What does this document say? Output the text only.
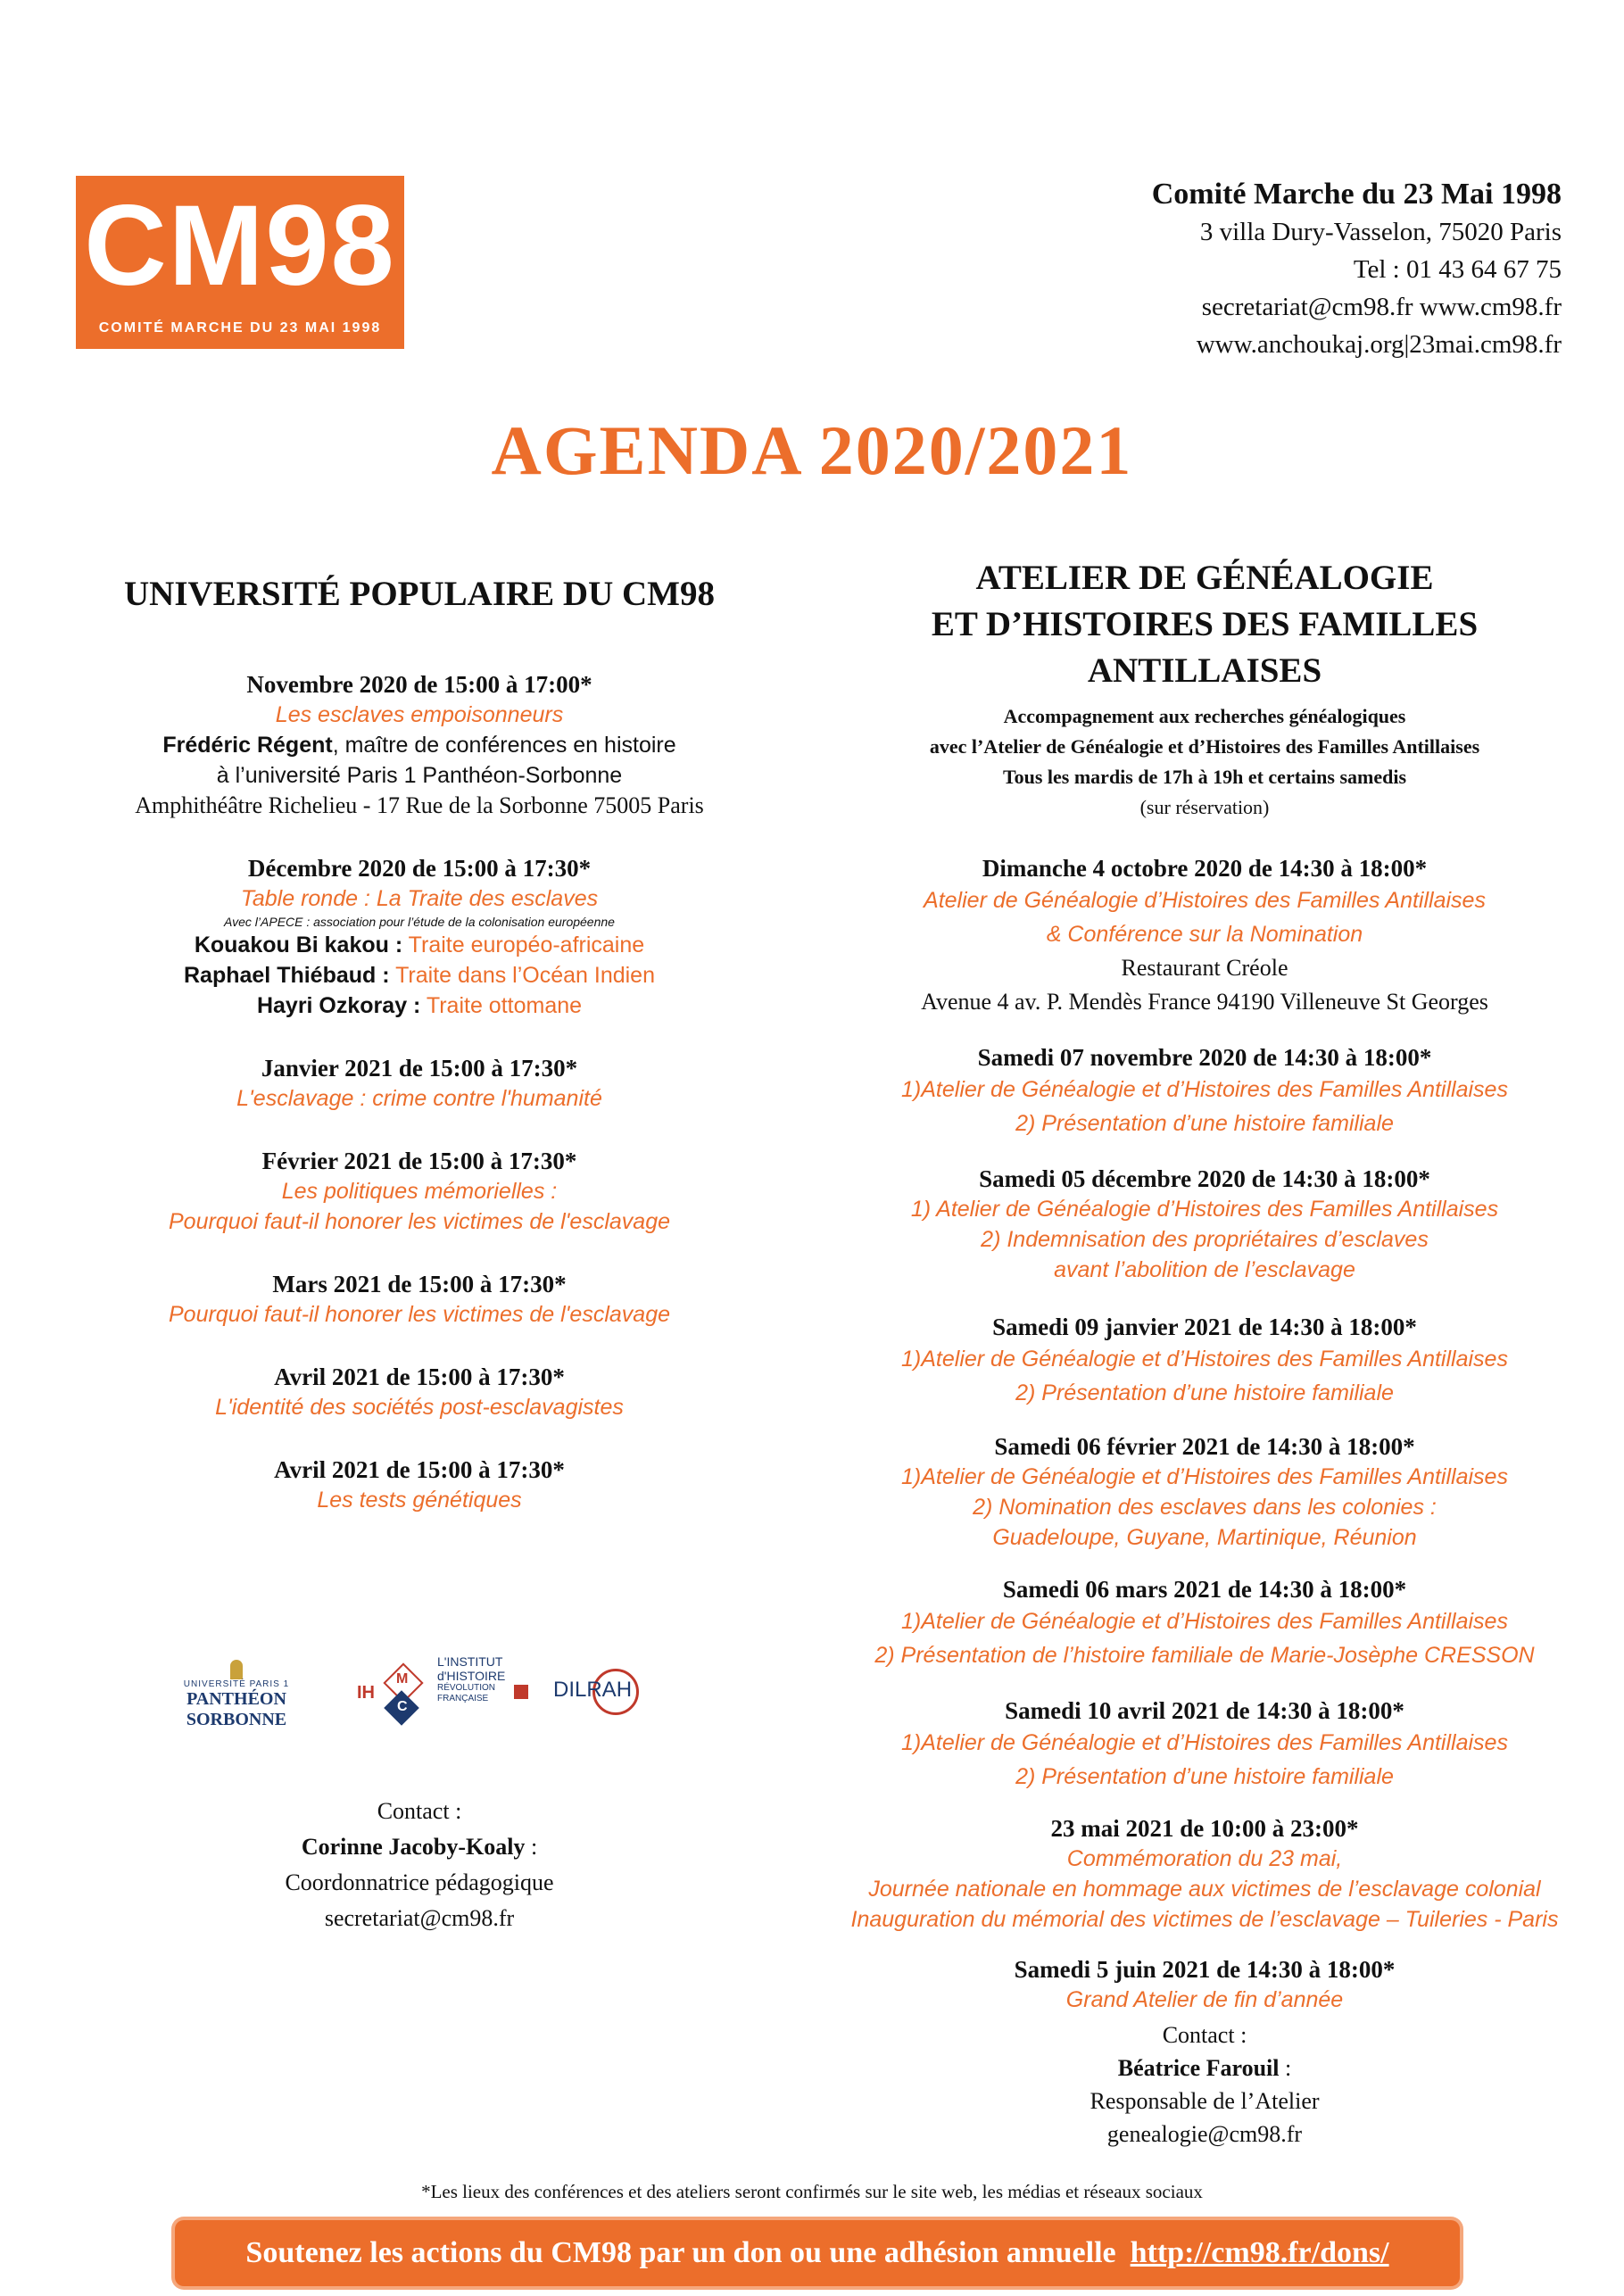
CM98
COMITÉ MARCHE DU 23 MAI 1998
Comité Marche du 23 Mai 1998
3 villa Dury-Vasselon, 75020 Paris
Tel : 01 43 64 67 75
secretariat@cm98.fr www.cm98.fr
www.anchoukaj.org|23mai.cm98.fr
AGENDA 2020/2021
UNIVERSITÉ POPULAIRE DU CM98
Novembre 2020 de 15:00 à 17:00*
Les esclaves empoisonneurs
Frédéric Régent, maître de conférences en histoire
à l’université Paris 1 Panthéon-Sorbonne
Amphithéâtre Richelieu - 17 Rue de la Sorbonne 75005 Paris
Décembre 2020 de 15:00 à 17:30*
Table ronde : La Traite des esclaves
Avec l’APECE : association pour l’étude de la colonisation européenne
Kouakou Bi kakou : Traite européo-africaine
Raphael Thiébaud : Traite dans l’Océan Indien
Hayri Ozkoray : Traite ottomane
Janvier 2021 de 15:00 à 17:30*
L'esclavage : crime contre l'humanité
Février 2021 de 15:00 à 17:30*
Les politiques mémorielles :
Pourquoi faut-il honorer les victimes de l'esclavage
Mars 2021 de 15:00 à 17:30*
Pourquoi faut-il honorer les victimes de l'esclavage
Avril 2021 de 15:00 à 17:30*
L'identité des sociétés post-esclavagistes
Avril 2021 de 15:00 à 17:30*
Les tests génétiques
UNIVERSITÉ PARIS 1
PANTHÉON SORBONNE
IH
M
C
L'INSTITUT
d'HISTOIRE
RÉVOLUTION
FRANÇAISE	DILRAH
Contact :
Corinne Jacoby-Koaly :
Coordonnatrice pédagogique
secretariat@cm98.fr
ATELIER DE GÉNÉALOGIE
ET D’HISTOIRES DES FAMILLES ANTILLAISES
Accompagnement aux recherches généalogiques
avec l’Atelier de Généalogie et d’Histoires des Familles Antillaises
Tous les mardis de 17h à 19h et certains samedis
(sur réservation)
Dimanche 4 octobre 2020 de 14:30 à 18:00*
Atelier de Généalogie d’Histoires des Familles Antillaises
& Conférence sur la Nomination
Restaurant Créole
Avenue 4 av. P. Mendès France 94190 Villeneuve St Georges
Samedi 07 novembre 2020 de 14:30 à 18:00*
1)Atelier de Généalogie et d’Histoires des Familles Antillaises
2) Présentation d’une histoire familiale
Samedi 05 décembre 2020 de 14:30 à 18:00*
1) Atelier de Généalogie d’Histoires des Familles Antillaises
2) Indemnisation des propriétaires d’esclaves
avant l’abolition de l’esclavage
Samedi 09 janvier 2021 de 14:30 à 18:00*
1)Atelier de Généalogie et d’Histoires des Familles Antillaises
2) Présentation d’une histoire familiale
Samedi 06 février 2021 de 14:30 à 18:00*
1)Atelier de Généalogie et d’Histoires des Familles Antillaises
2) Nomination des esclaves dans les colonies :
Guadeloupe, Guyane, Martinique, Réunion
Samedi 06 mars 2021 de 14:30 à 18:00*
1)Atelier de Généalogie et d’Histoires des Familles Antillaises
2) Présentation de l’histoire familiale de Marie-Josèphe CRESSON
Samedi 10 avril 2021 de 14:30 à 18:00*
1)Atelier de Généalogie et d’Histoires des Familles Antillaises
2) Présentation d’une histoire familiale
23 mai 2021 de 10:00 à 23:00*
Commémoration du 23 mai,
Journée nationale en hommage aux victimes de l’esclavage colonial
Inauguration du mémorial des victimes de l’esclavage – Tuileries - Paris
Samedi 5 juin 2021 de 14:30 à 18:00*
Grand Atelier de fin d’année
Contact :
Béatrice Farouil :
Responsable de l’Atelier
genealogie@cm98.fr
*Les lieux des conférences et des ateliers seront confirmés sur le site web, les médias et réseaux sociaux
Soutenez les actions du CM98 par un don ou une adhésion annuelle http://cm98.fr/dons/
